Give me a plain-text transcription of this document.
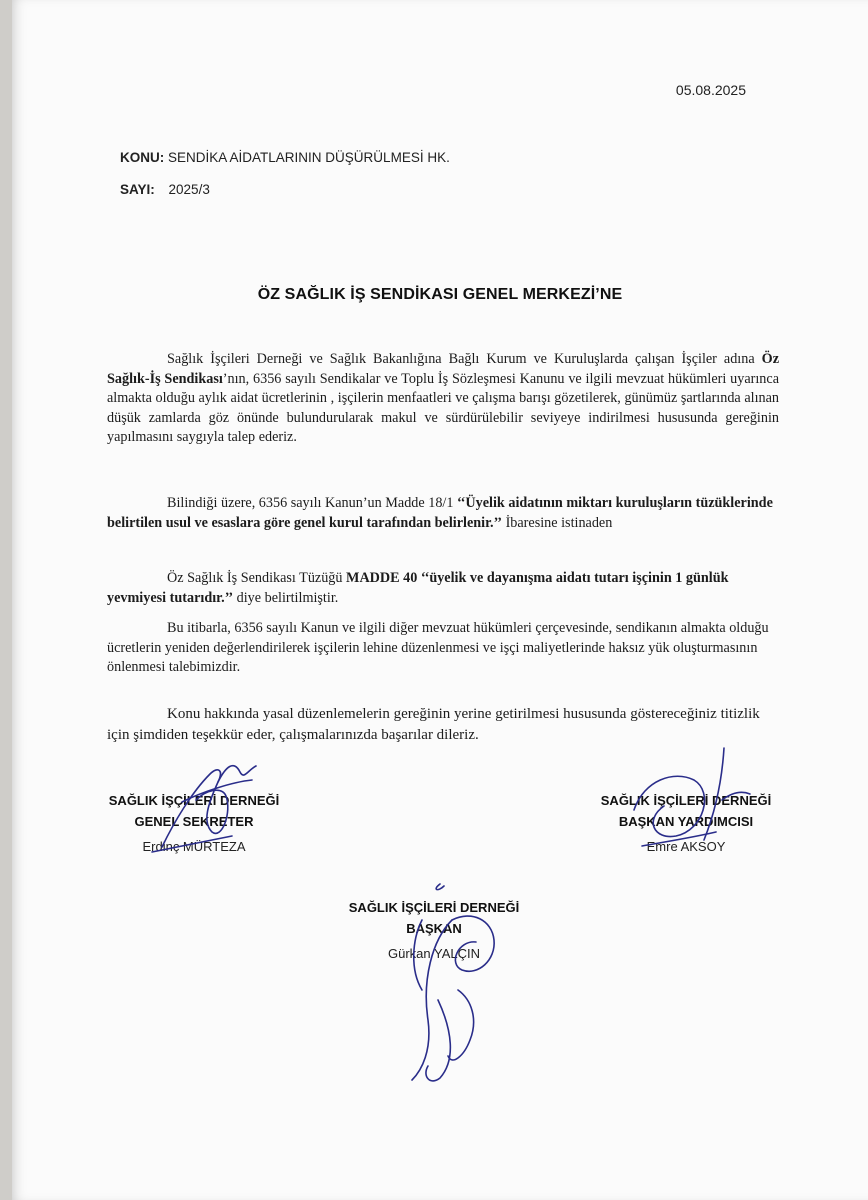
05.08.2025
KONU: SENDİKA AİDATLARININ DÜŞÜRÜLMESİ HK.
SAYI: 2025/3
ÖZ SAĞLIK İŞ SENDİKASI GENEL MERKEZİ’NE
Sağlık İşçileri Derneği ve Sağlık Bakanlığına Bağlı Kurum ve Kuruluşlarda çalışan İşçiler adına Öz Sağlık-İş Sendikası’nın, 6356 sayılı Sendikalar ve Toplu İş Sözleşmesi Kanunu ve ilgili mevzuat hükümleri uyarınca almakta olduğu aylık aidat ücretlerinin , işçilerin menfaatleri ve çalışma barışı gözetilerek, günümüz şartlarında alınan düşük zamlarda göz önünde bulundurularak makul ve sürdürülebilir seviyeye indirilmesi hususunda gereğinin yapılmasını saygıyla talep ederiz.
Bilindiği üzere, 6356 sayılı Kanun’un Madde 18/1 ‘‘Üyelik aidatının miktarı kuruluşların tüzüklerinde belirtilen usul ve esaslara göre genel kurul tarafından belirlenir.’’ İbaresine istinaden
Öz Sağlık İş Sendikası Tüzüğü MADDE 40 ‘‘üyelik ve dayanışma aidatı tutarı işçinin 1 günlük yevmiyesi tutarıdır.’’ diye belirtilmiştir.
Bu itibarla, 6356 sayılı Kanun ve ilgili diğer mevzuat hükümleri çerçevesinde, sendikanın almakta olduğu ücretlerin yeniden değerlendirilerek işçilerin lehine düzenlenmesi ve işçi maliyetlerinde haksız yük oluşturmasının önlenmesi talebimizdir.
Konu hakkında yasal düzenlemelerin gereğinin yerine getirilmesi hususunda göstereceğiniz titizlik için şimdiden teşekkür eder, çalışmalarınızda başarılar dileriz.
SAĞLIK İŞÇİLERİ DERNEĞİ
GENEL SEKRETER
Erdinç MÜRTEZA
SAĞLIK İŞÇİLERİ DERNEĞİ
BAŞKAN YARDIMCISI
Emre AKSOY
SAĞLIK İŞÇİLERİ DERNEĞİ
BAŞKAN
Gürkan YALÇIN
